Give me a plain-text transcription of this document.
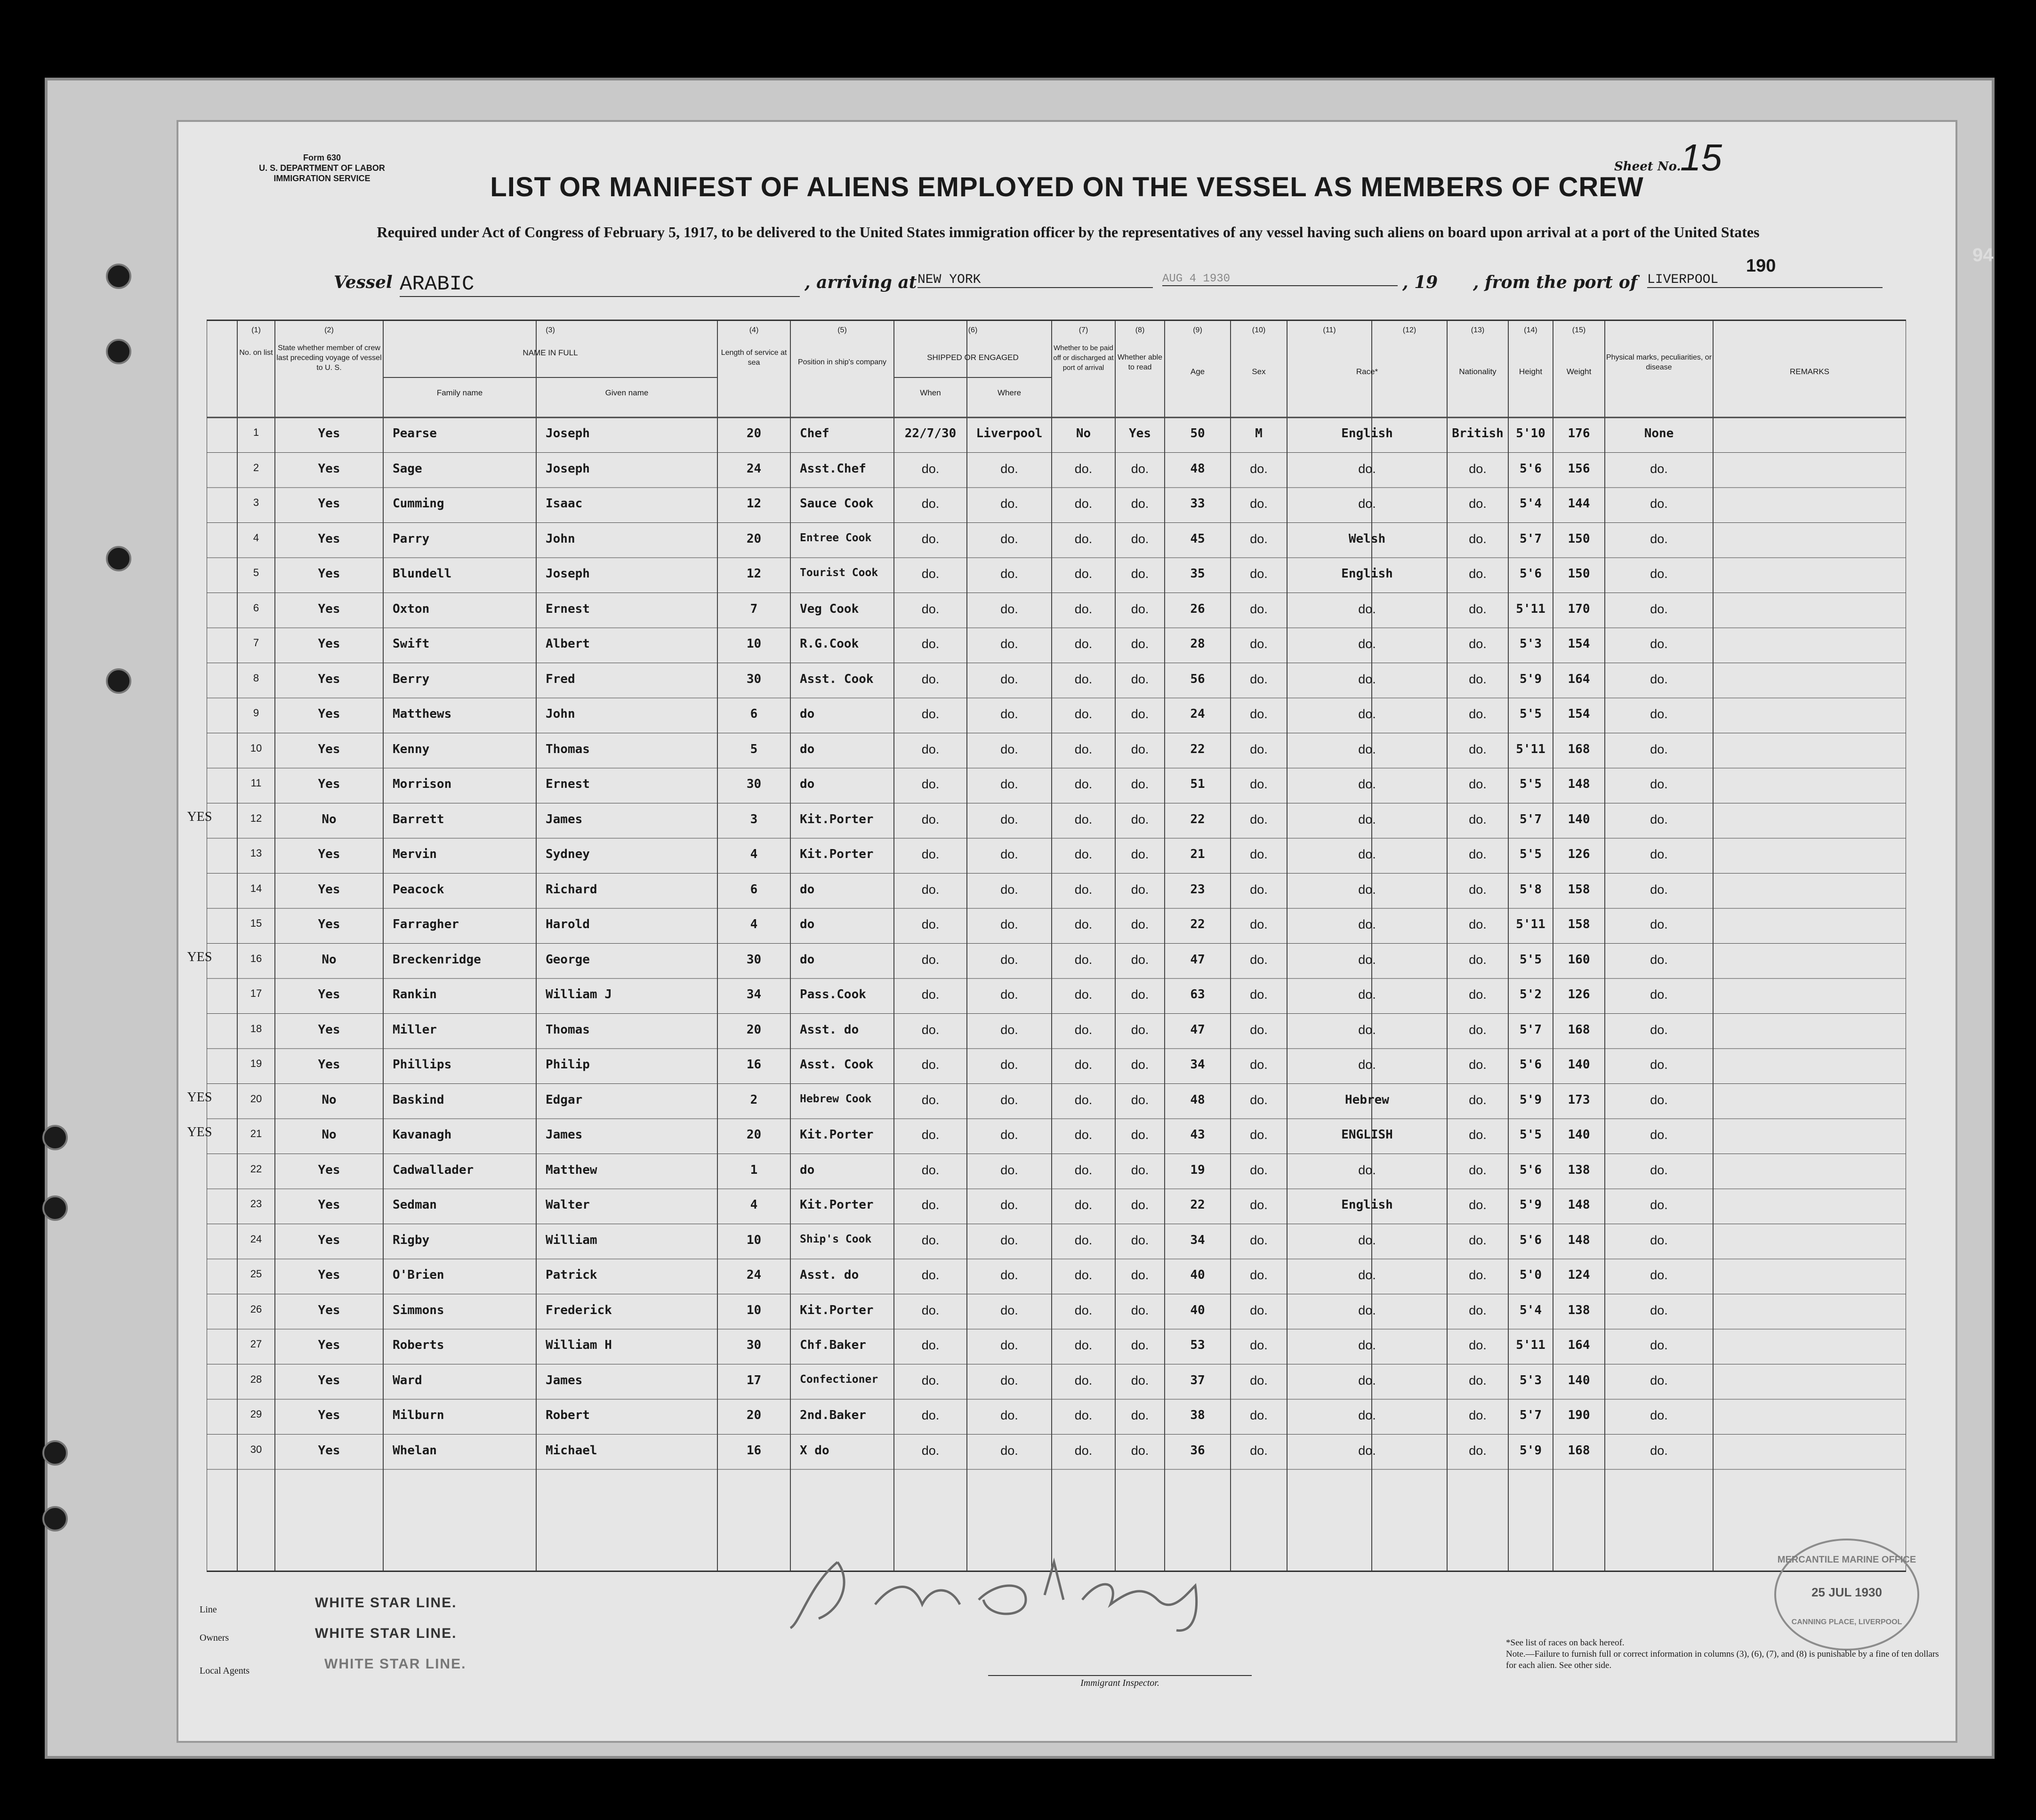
Form 630
U. S. DEPARTMENT OF LABOR
IMMIGRATION SERVICE
Sheet No.
15
190
LIST OR MANIFEST OF ALIENS EMPLOYED ON THE VESSEL AS MEMBERS OF CREW
Required under Act of Congress of February 5, 1917, to be delivered to the United States immigration officer by the representatives of any vessel having such aliens on board upon arrival at a port of the United States
Vessel ARABIC	, arriving at NEW YORK	AUG 4 1930	, 19 , from the port of LIVERPOOL
(1)	(2)	(3)	(4)	(5)	(6)	(7)	(8)	(9)	(10)	(11)	(12)	(13)	(14)	(15)
No. on list
State whether member of crew last preceding voyage of vessel to U. S.
NAME IN FULL
Family name	Given name
Length of service at sea	Position in ship's company
SHIPPED OR ENGAGED
When	Where
Whether to be paid off or discharged at port of arrival
Whether able to read	Age	Sex	Race*	Nationality	Height	Weight
Physical marks, peculiarities, or disease	REMARKS
1	Yes	Pearse	Joseph	20	Chef	22/7/30	Liverpool	No	Yes	50	M	English	British	5'10	176	None
2	Yes	Sage	Joseph	24	Asst.Chef	do.	do.	do.	do.	48	do.	do.	do.	5'6	156	do.
3	Yes	Cumming	Isaac	12	Sauce Cook	do.	do.	do.	do.	33	do.	do.	do.	5'4	144	do.
4	Yes	Parry	John	20	Entree Cook	do.	do.	do.	do.	45	do.	Welsh	do.	5'7	150	do.
5	Yes	Blundell	Joseph	12	Tourist Cook	do.	do.	do.	do.	35	do.	English	do.	5'6	150	do.
6	Yes	Oxton	Ernest	7	Veg Cook	do.	do.	do.	do.	26	do.	do.	do.	5'11	170	do.
7	Yes	Swift	Albert	10	R.G.Cook	do.	do.	do.	do.	28	do.	do.	do.	5'3	154	do.
8	Yes	Berry	Fred	30	Asst. Cook	do.	do.	do.	do.	56	do.	do.	do.	5'9	164	do.
9	Yes	Matthews	John	6	do	do.	do.	do.	do.	24	do.	do.	do.	5'5	154	do.
10	Yes	Kenny	Thomas	5	do	do.	do.	do.	do.	22	do.	do.	do.	5'11	168	do.
11	Yes	Morrison	Ernest	30	do	do.	do.	do.	do.	51	do.	do.	do.	5'5	148	do.
12	No	Barrett	James	3	Kit.Porter	do.	do.	do.	do.	22	do.	do.	do.	5'7	140	do.
YES
13	Yes	Mervin	Sydney	4	Kit.Porter	do.	do.	do.	do.	21	do.	do.	do.	5'5	126	do.
14	Yes	Peacock	Richard	6	do	do.	do.	do.	do.	23	do.	do.	do.	5'8	158	do.
15	Yes	Farragher	Harold	4	do	do.	do.	do.	do.	22	do.	do.	do.	5'11	158	do.
16	No	Breckenridge	George	30	do	do.	do.	do.	do.	47	do.	do.	do.	5'5	160	do.
YES
17	Yes	Rankin	William J	34	Pass.Cook	do.	do.	do.	do.	63	do.	do.	do.	5'2	126	do.
18	Yes	Miller	Thomas	20	Asst. do	do.	do.	do.	do.	47	do.	do.	do.	5'7	168	do.
19	Yes	Phillips	Philip	16	Asst. Cook	do.	do.	do.	do.	34	do.	do.	do.	5'6	140	do.
20	No	Baskind	Edgar	2	Hebrew Cook	do.	do.	do.	do.	48	do.	Hebrew	do.	5'9	173	do.
YES
21	No	Kavanagh	James	20	Kit.Porter	do.	do.	do.	do.	43	do.	ENGLISH	do.	5'5	140	do.
YES
22	Yes	Cadwallader	Matthew	1	do	do.	do.	do.	do.	19	do.	do.	do.	5'6	138	do.
23	Yes	Sedman	Walter	4	Kit.Porter	do.	do.	do.	do.	22	do.	English	do.	5'9	148	do.
24	Yes	Rigby	William	10	Ship's Cook	do.	do.	do.	do.	34	do.	do.	do.	5'6	148	do.
25	Yes	O'Brien	Patrick	24	Asst. do	do.	do.	do.	do.	40	do.	do.	do.	5'0	124	do.
26	Yes	Simmons	Frederick	10	Kit.Porter	do.	do.	do.	do.	40	do.	do.	do.	5'4	138	do.
27	Yes	Roberts	William H	30	Chf.Baker	do.	do.	do.	do.	53	do.	do.	do.	5'11	164	do.
28	Yes	Ward	James	17	Confectioner	do.	do.	do.	do.	37	do.	do.	do.	5'3	140	do.
29	Yes	Milburn	Robert	20	2nd.Baker	do.	do.	do.	do.	38	do.	do.	do.	5'7	190	do.
30	Yes	Whelan	Michael	16	X do	do.	do.	do.	do.	36	do.	do.	do.	5'9	168	do.
Line
Owners
Local Agents
WHITE STAR LINE.
WHITE STAR LINE.
WHITE STAR LINE.
Immigrant Inspector.
MERCANTILE MARINE OFFICE
25 JUL 1930
CANNING PLACE, LIVERPOOL
*See list of races on back hereof.
Note.—Failure to furnish full or correct information in columns (3), (6), (7), and (8) is punishable by a fine of ten dollars for each alien. See other side.
94
